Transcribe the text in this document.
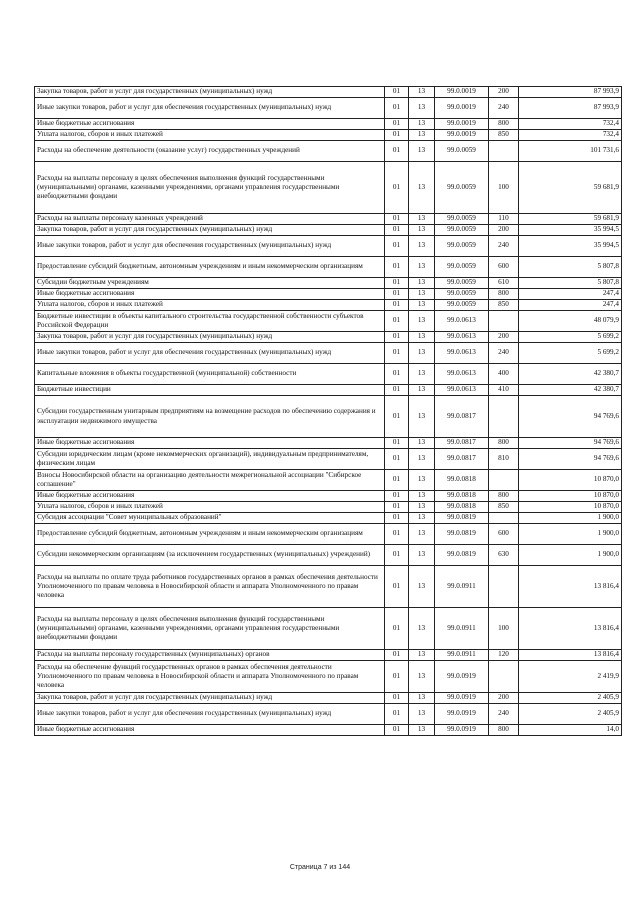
Закупка товаров, работ и услуг для государственных (муниципальных) нужд	01	13	99.0.0019	200	87 993,9
Иные закупки товаров, работ и услуг для обеспечения государственных (муниципальных) нужд	01	13	99.0.0019	240	87 993,9
Иные бюджетные ассигнования	01	13	99.0.0019	800	732,4
Уплата налогов, сборов и иных платежей	01	13	99.0.0019	850	732,4
Расходы на обеспечение деятельности (оказание услуг) государственных учреждений	01	13	99.0.0059		101 731,6
Расходы на выплаты персоналу в целях обеспечения выполнения функций государственными (муниципальными) органами, казенными учреждениями, органами управления государственными внебюджетными фондами	01	13	99.0.0059	100	59 681,9
Расходы на выплаты персоналу казенных учреждений	01	13	99.0.0059	110	59 681,9
Закупка товаров, работ и услуг для государственных (муниципальных) нужд	01	13	99.0.0059	200	35 994,5
Иные закупки товаров, работ и услуг для обеспечения государственных (муниципальных) нужд	01	13	99.0.0059	240	35 994,5
Предоставление субсидий бюджетным, автономным учреждениям и иным некоммерческим организациям	01	13	99.0.0059	600	5 807,8
Субсидии бюджетным учреждениям	01	13	99.0.0059	610	5 807,8
Иные бюджетные ассигнования	01	13	99.0.0059	800	247,4
Уплата налогов, сборов и иных платежей	01	13	99.0.0059	850	247,4
Бюджетные инвестиции в объекты капитального строительства государственной собственности субъектов Российской Федерации	01	13	99.0.0613		48 079,9
Закупка товаров, работ и услуг для государственных (муниципальных) нужд	01	13	99.0.0613	200	5 699,2
Иные закупки товаров, работ и услуг для обеспечения государственных (муниципальных) нужд	01	13	99.0.0613	240	5 699,2
Капитальные вложения в объекты государственной (муниципальной) собственности	01	13	99.0.0613	400	42 380,7
Бюджетные инвестиции	01	13	99.0.0613	410	42 380,7
Субсидии государственным унитарным предприятиям на возмещение расходов по обеспечению содержания и эксплуатации недвижимого имущества	01	13	99.0.0817		94 769,6
Иные бюджетные ассигнования	01	13	99.0.0817	800	94 769,6
Субсидии юридическим лицам (кроме некоммерческих организаций), индивидуальным предпринимателям, физическим лицам	01	13	99.0.0817	810	94 769,6
Взносы Новосибирской области на организацию деятельности межрегиональной ассоциации "Сибирское соглашение"	01	13	99.0.0818		10 870,0
Иные бюджетные ассигнования	01	13	99.0.0818	800	10 870,0
Уплата налогов, сборов и иных платежей	01	13	99.0.0818	850	10 870,0
Субсидия ассоциации "Совет муниципальных образований"	01	13	99.0.0819		1 900,0
Предоставление субсидий бюджетным, автономным учреждениям и иным некоммерческим организациям	01	13	99.0.0819	600	1 900,0
Субсидии некоммерческим организациям (за исключением государственных (муниципальных) учреждений)	01	13	99.0.0819	630	1 900,0
Расходы на выплаты по оплате труда работников государственных органов в рамках обеспечения деятельности Уполномоченного по правам человека в Новосибирской области и аппарата Уполномоченного по правам человека	01	13	99.0.0911		13 816,4
Расходы на выплаты персоналу в целях обеспечения выполнения функций государственными (муниципальными) органами, казенными учреждениями, органами управления государственными внебюджетными фондами	01	13	99.0.0911	100	13 816,4
Расходы на выплаты персоналу государственных (муниципальных) органов	01	13	99.0.0911	120	13 816,4
Расходы на обеспечение функций государственных органов в рамках обеспечения деятельности Уполномоченного по правам человека в Новосибирской области и аппарата Уполномоченного по правам человека	01	13	99.0.0919		2 419,9
Закупка товаров, работ и услуг для государственных (муниципальных) нужд	01	13	99.0.0919	200	2 405,9
Иные закупки товаров, работ и услуг для обеспечения государственных (муниципальных) нужд	01	13	99.0.0919	240	2 405,9
Иные бюджетные ассигнования	01	13	99.0.0919	800	14,0
Страница 7 из 144
